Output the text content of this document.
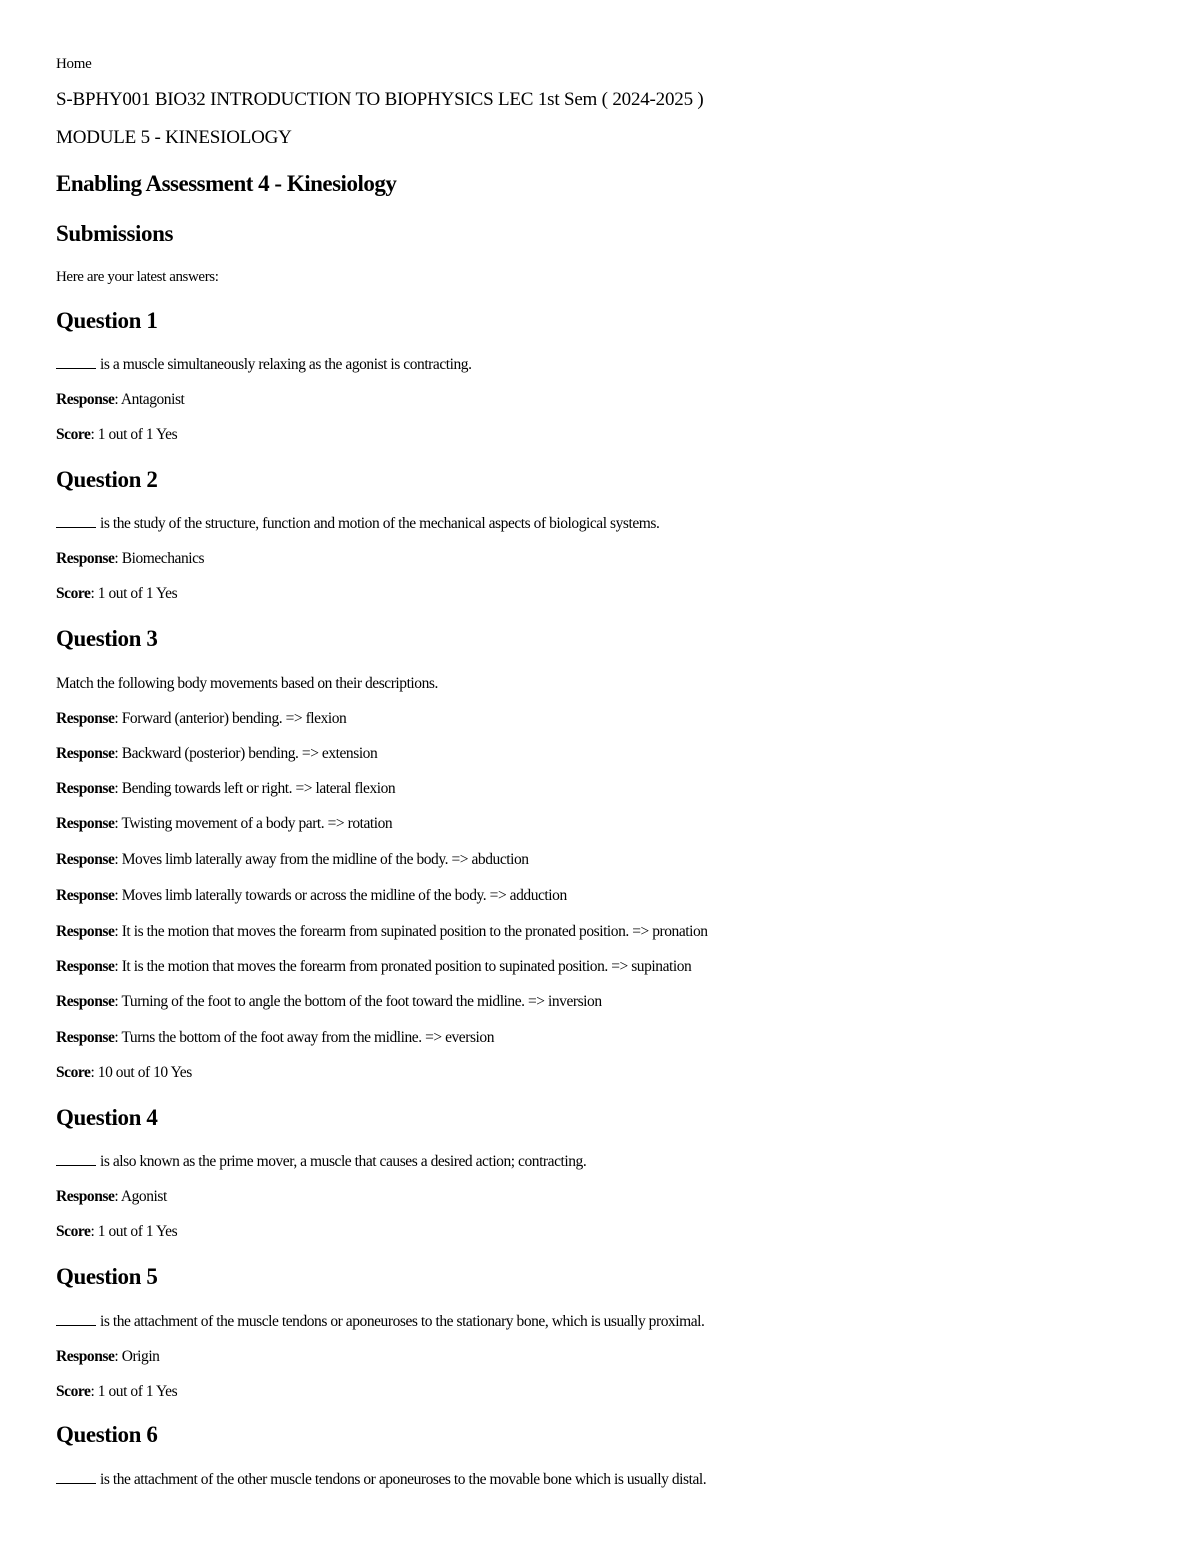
Home
S-BPHY001 BIO32 INTRODUCTION TO BIOPHYSICS LEC 1st Sem ( 2024-2025 )
MODULE 5 - KINESIOLOGY
Enabling Assessment 4 - Kinesiology
Submissions
Here are your latest answers:
Question 1
is a muscle simultaneously relaxing as the agonist is contracting.
Response: Antagonist
Score: 1 out of 1 Yes
Question 2
is the study of the structure, function and motion of the mechanical aspects of biological systems.
Response: Biomechanics
Score: 1 out of 1 Yes
Question 3
Match the following body movements based on their descriptions.
Response: Forward (anterior) bending. => flexion
Response: Backward (posterior) bending. => extension
Response: Bending towards left or right. => lateral flexion
Response: Twisting movement of a body part. => rotation
Response: Moves limb laterally away from the midline of the body. => abduction
Response: Moves limb laterally towards or across the midline of the body. => adduction
Response: It is the motion that moves the forearm from supinated position to the pronated position. => pronation
Response: It is the motion that moves the forearm from pronated position to supinated position. => supination
Response: Turning of the foot to angle the bottom of the foot toward the midline. => inversion
Response: Turns the bottom of the foot away from the midline. => eversion
Score: 10 out of 10 Yes
Question 4
is also known as the prime mover, a muscle that causes a desired action; contracting.
Response: Agonist
Score: 1 out of 1 Yes
Question 5
is the attachment of the muscle tendons or aponeuroses to the stationary bone, which is usually proximal.
Response: Origin
Score: 1 out of 1 Yes
Question 6
is the attachment of the other muscle tendons or aponeuroses to the movable bone which is usually distal.
